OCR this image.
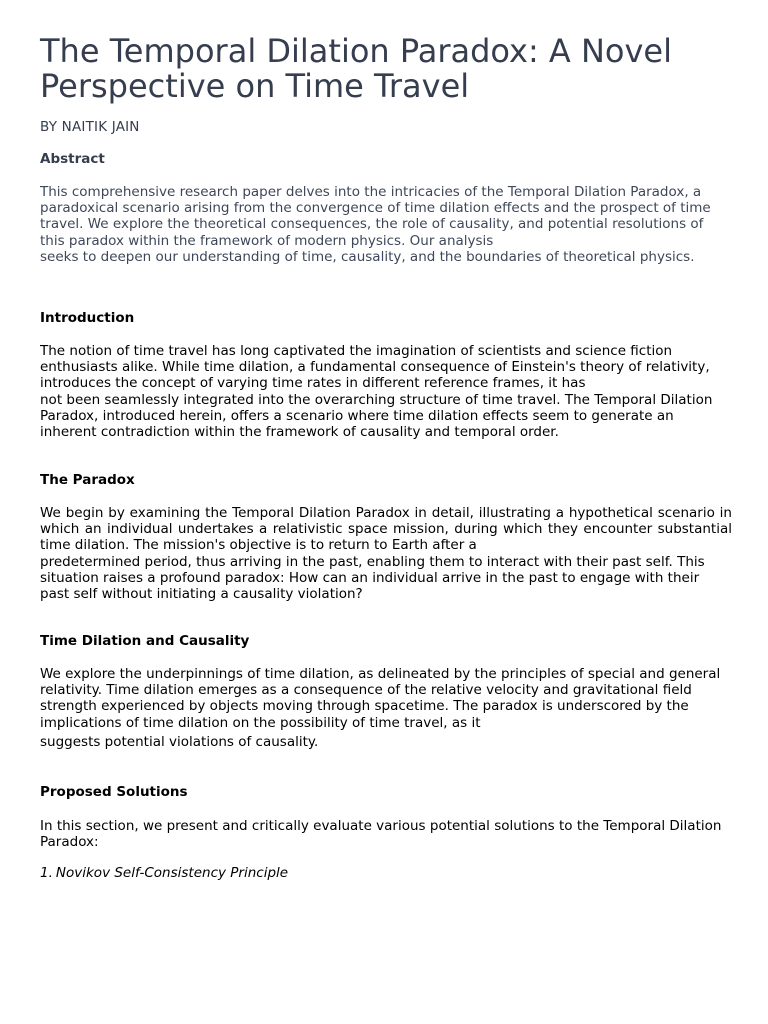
The Temporal Dilation Paradox: A Novel Perspective on Time Travel
BY NAITIK JAIN
Abstract

This comprehensive research paper delves into the intricacies of the Temporal Dilation Paradox, a paradoxical scenario arising from the convergence of time dilation effects and the prospect of time travel. We explore the theoretical consequences, the role of causality, and potential resolutions of this paradox within the framework of modern physics. Our analysis
seeks to deepen our understanding of time, causality, and the boundaries of theoretical physics.

Introduction

The notion of time travel has long captivated the imagination of scientists and science fiction enthusiasts alike. While time dilation, a fundamental consequence of Einstein's theory of relativity, introduces the concept of varying time rates in different reference frames, it has
not been seamlessly integrated into the overarching structure of time travel. The Temporal Dilation Paradox, introduced herein, offers a scenario where time dilation effects seem to generate an inherent contradiction within the framework of causality and temporal order.

The Paradox

We begin by examining the Temporal Dilation Paradox in detail, illustrating a hypothetical scenario in which an individual undertakes a relativistic space mission, during which they encounter substantial time dilation. The mission's objective is to return to Earth after a
predetermined period, thus arriving in the past, enabling them to interact with their past self. This situation raises a profound paradox: How can an individual arrive in the past to engage with their past self without initiating a causality violation?

Time Dilation and Causality

We explore the underpinnings of time dilation, as delineated by the principles of special and general relativity. Time dilation emerges as a consequence of the relative velocity and gravitational field strength experienced by objects moving through spacetime. The paradox is underscored by the implications of time dilation on the possibility of time travel, as it
suggests potential violations of causality.

Proposed Solutions

In this section, we present and critically evaluate various potential solutions to the Temporal Dilation Paradox:

1. Novikov Self-Consistency Principle
